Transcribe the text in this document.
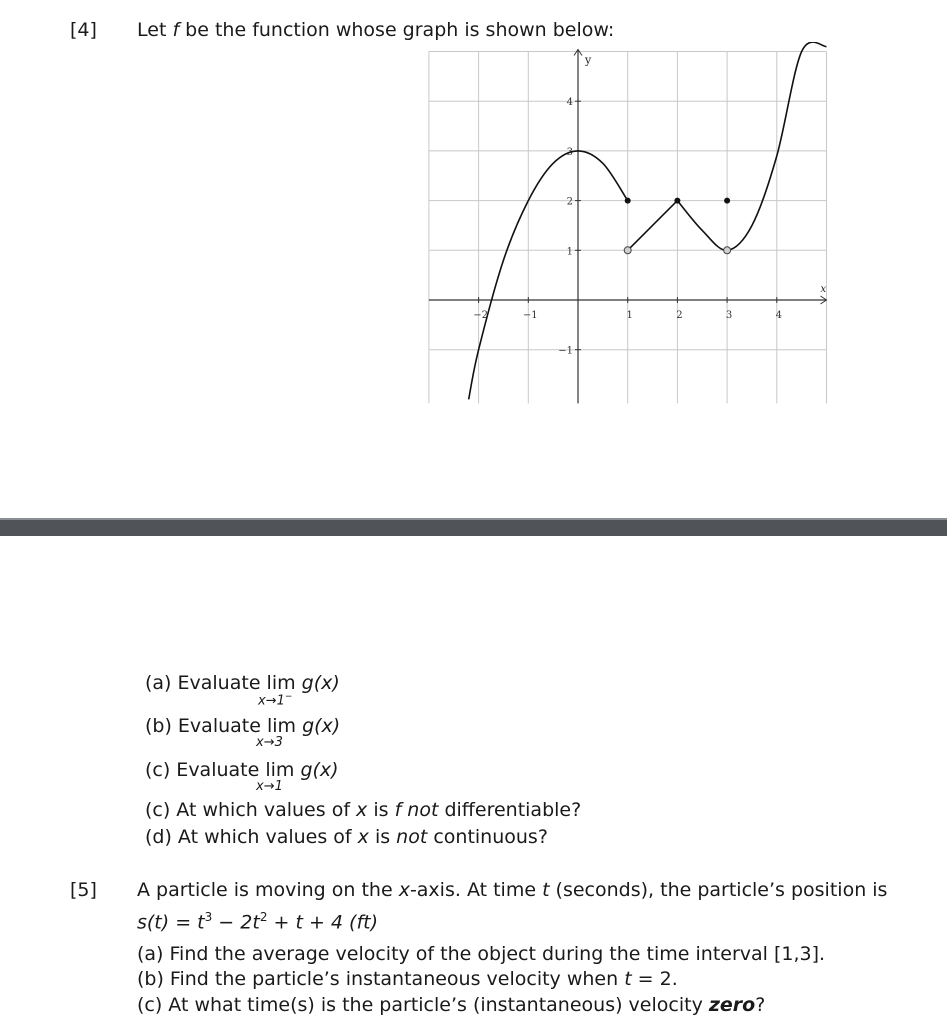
[4] Let f be the function whose graph is shown below:
−2	−1	1	2	3	4
4
3
2
1
−1
y
x
(a) Evaluate lim g(x)
x→1−
(b) Evaluate lim g(x)
x→3
(c) Evaluate lim g(x)
x→1
(c) At which values of x is f not differentiable?
(d) At which values of x is not continuous?
[5] A particle is moving on the x-axis. At time t (seconds), the particle’s position is
$s(t) = t^3 - 2t^2 + t + 4$ (ft)
(a) Find the average velocity of the object during the time interval [1,3].
(b) Find the particle’s instantaneous velocity when t = 2.
(c) At what time(s) is the particle’s (instantaneous) velocity zero?
